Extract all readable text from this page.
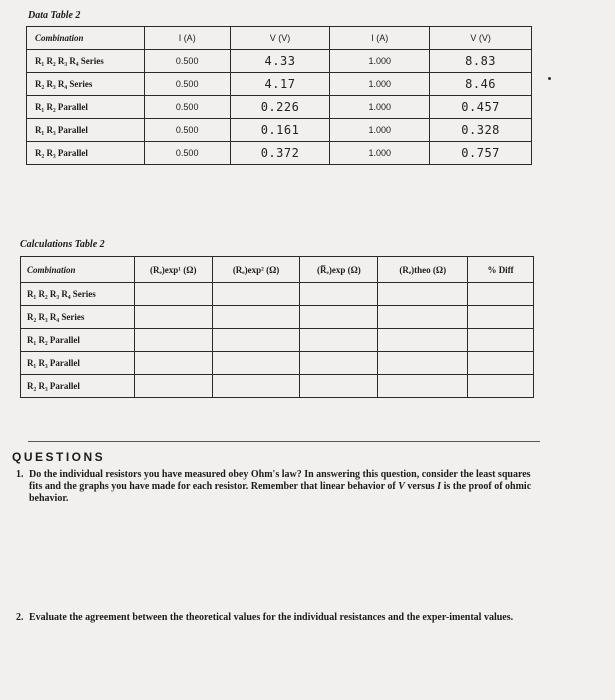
Data Table 2
Combination	I (A)	V (V)	I (A)	V (V)
R₁ R₂ R₃ R₄ Series	0.500	4.33	1.000	8.83
R₂ R₃ R₄ Series	0.500	4.17	1.000	8.46
R₁ R₂ Parallel	0.500	0.226	1.000	0.457
R₁ R₃ Parallel	0.500	0.161	1.000	0.328
R₂ R₃ Parallel	0.500	0.372	1.000	0.757
Calculations Table 2
Combination	(Rₑ)exp¹ (Ω)	(Rₑ)exp² (Ω)	(R̅ₑ)exp (Ω)	(Rₑ)theo (Ω)	% Diff
R₁ R₂ R₃ R₄ Series					
R₂ R₃ R₄ Series					
R₁ R₂ Parallel					
R₁ R₃ Parallel					
R₂ R₃ Parallel					
QUESTIONS
1. Do the individual resistors you have measured obey Ohm's law? In answering this question, consider the least squares fits and the graphs you have made for each resistor. Remember that linear behavior of V versus I is the proof of ohmic behavior.
2. Evaluate the agreement between the theoretical values for the individual resistances and the exper-imental values.
